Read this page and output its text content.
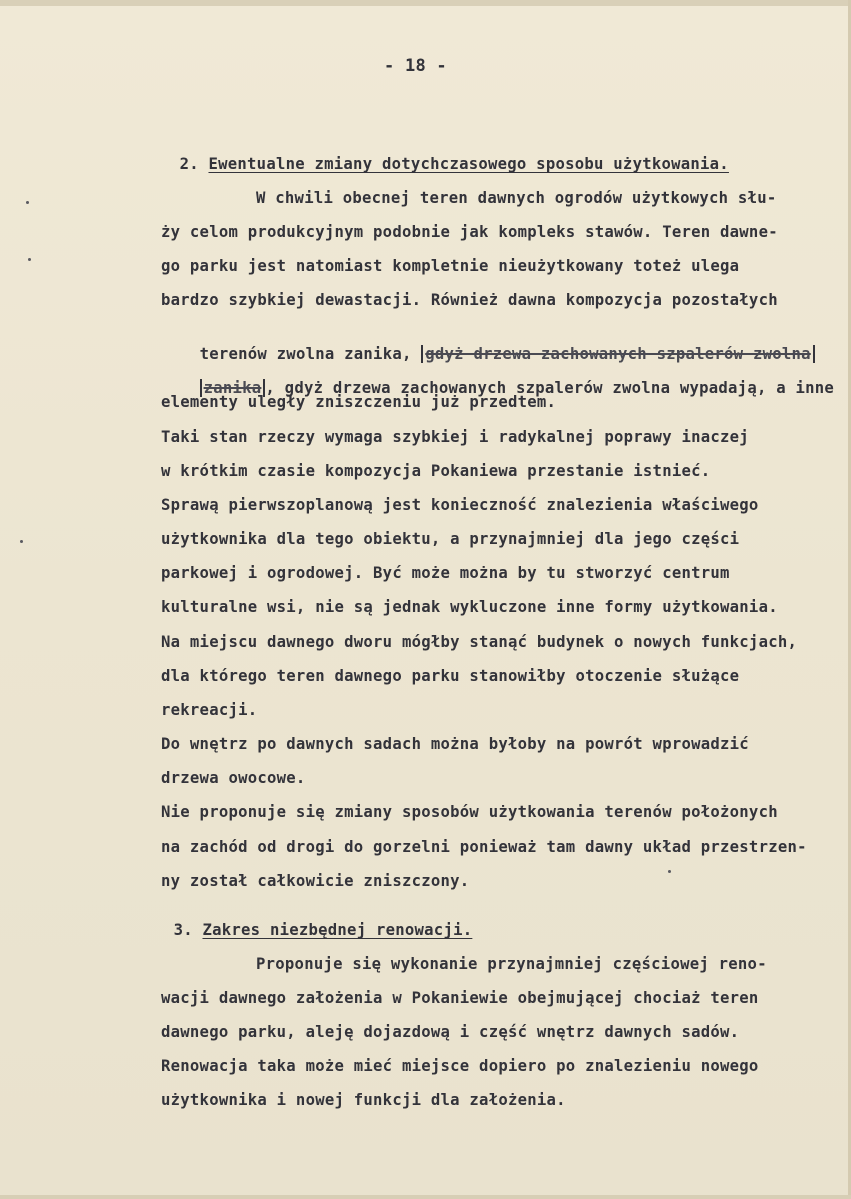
- 18 -

2. Ewentualne zmiany dotychczasowego sposobu użytkowania.

W chwili obecnej teren dawnych ogrodów użytkowych słu-
ży celom produkcyjnym podobnie jak kompleks stawów. Teren dawne-
go parku jest natomiast kompletnie nieużytkowany toteż ulega
bardzo szybkiej dewastacji. Również dawna kompozycja pozostałych

terenów zwolna zanika, gdyż drzewa zachowanych szpalerów zwolna

zanika , gdyż drzewa zachowanych szpalerów zwolna wypadają, a inne

elementy uległy zniszczeniu już przedtem.
Taki stan rzeczy wymaga szybkiej i radykalnej poprawy inaczej
w krótkim czasie kompozycja Pokaniewa przestanie istnieć.
Sprawą pierwszoplanową jest konieczność znalezienia właściwego
użytkownika dla tego obiektu, a przynajmniej dla jego części
parkowej i ogrodowej. Być może można by tu stworzyć centrum
kulturalne wsi, nie są jednak wykluczone inne formy użytkowania.
Na miejscu dawnego dworu mógłby stanąć budynek o nowych funkcjach,
dla którego teren dawnego parku stanowiłby otoczenie służące
rekreacji.
Do wnętrz po dawnych sadach można byłoby na powrót wprowadzić
drzewa owocowe.
Nie proponuje się zmiany sposobów użytkowania terenów położonych
na zachód od drogi do gorzelni ponieważ tam dawny układ przestrzen-
ny został całkowicie zniszczony.

3. Zakres niezbędnej renowacji.

Proponuje się wykonanie przynajmniej częściowej reno-
wacji dawnego założenia w Pokaniewie obejmującej chociaż teren
dawnego parku, aleję dojazdową i część wnętrz dawnych sadów.
Renowacja taka może mieć miejsce dopiero po znalezieniu nowego
użytkownika i nowej funkcji dla założenia.
